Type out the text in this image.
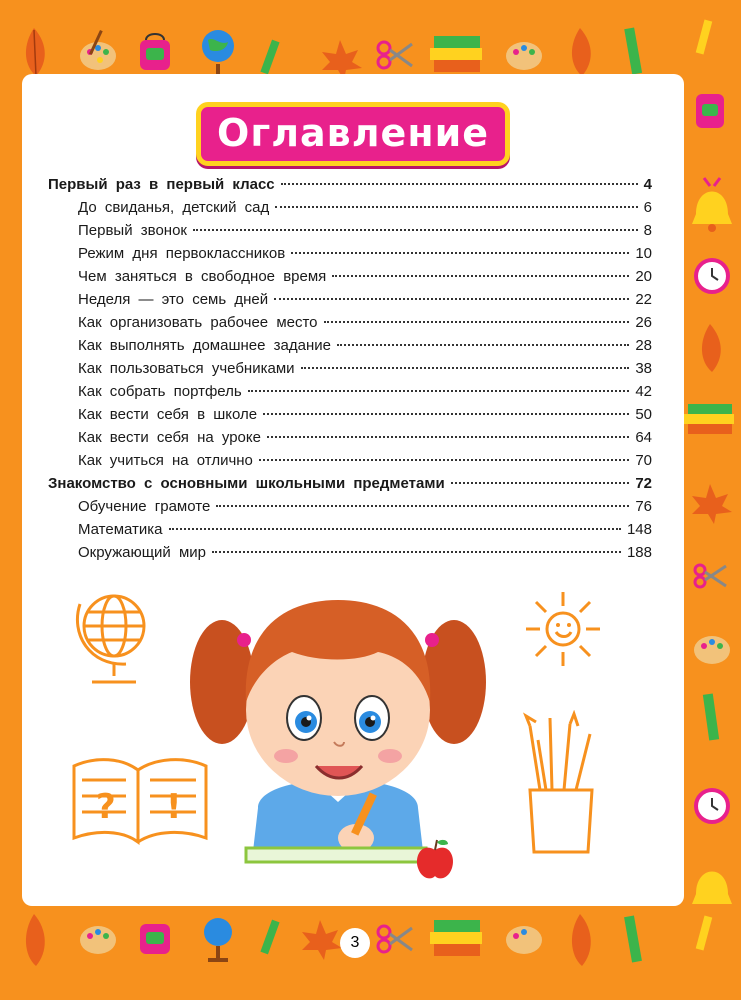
Оглавление
Первый раз в первый класс	4
До свиданья, детский сад	6
Первый звонок	8
Режим дня первоклассников	10
Чем заняться в свободное время	20
Неделя — это семь дней	22
Как организовать рабочее место	26
Как выполнять домашнее задание	28
Как пользоваться учебниками	38
Как собрать портфель	42
Как вести себя в школе	50
Как вести себя на уроке	64
Как учиться на отлично	70
Знакомство с основными школьными предметами	72
Обучение грамоте	76
Математика	148
Окружающий мир	188
? !
3
